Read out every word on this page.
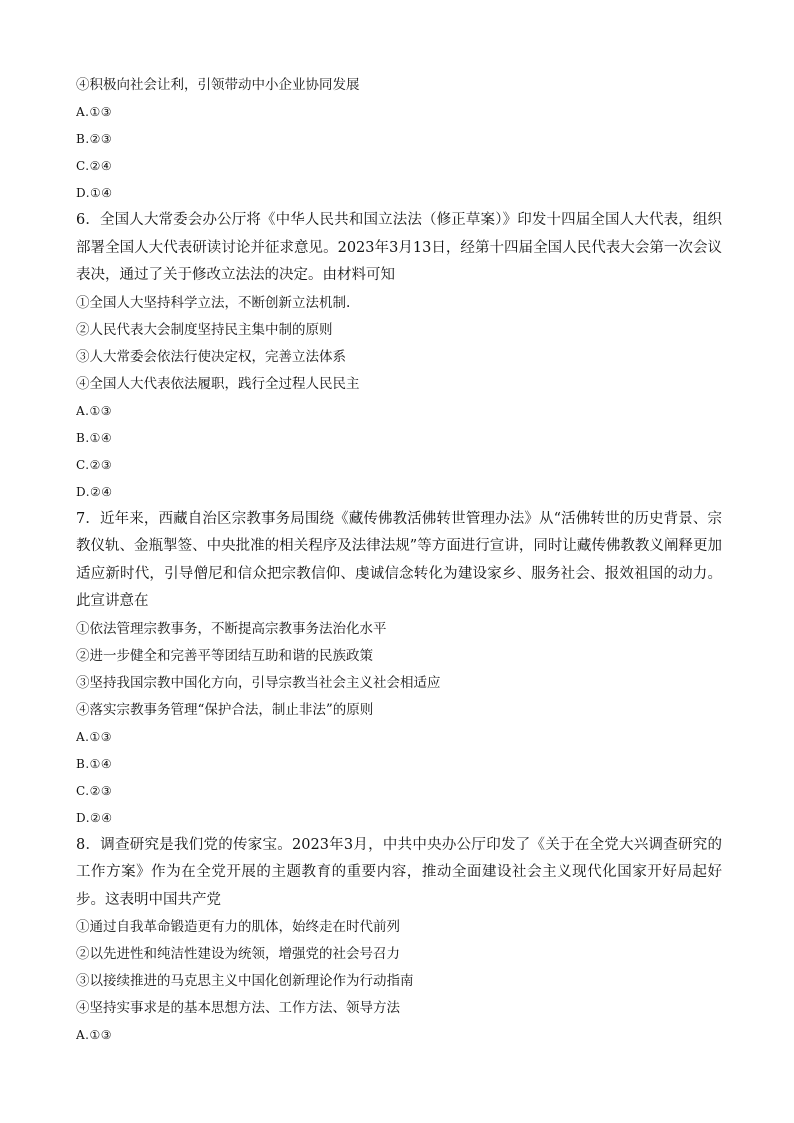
④积极向社会让利，引领带动中小企业协同发展
A.①③
B.②③
C.②④
D.①④
6．全国人大常委会办公厅将《中华人民共和国立法法（修正草案）》印发十四届全国人大代表，组织部署全国人大代表研读讨论并征求意见。2023年3月13日，经第十四届全国人民代表大会第一次会议表决，通过了关于修改立法法的决定。由材料可知
①全国人大坚持科学立法，不断创新立法机制.
②人民代表大会制度坚持民主集中制的原则
③人大常委会依法行使决定权，完善立法体系
④全国人大代表依法履职，践行全过程人民民主
A.①③
B.①④
C.②③
D.②④
7．近年来，西藏自治区宗教事务局围绕《藏传佛教活佛转世管理办法》从“活佛转世的历史背景、宗教仪轨、金瓶掣签、中央批准的相关程序及法律法规”等方面进行宣讲，同时让藏传佛教教义阐释更加适应新时代，引导僧尼和信众把宗教信仰、虔诚信念转化为建设家乡、服务社会、报效祖国的动力。此宣讲意在
①依法管理宗教事务，不断提高宗教事务法治化水平
②进一步健全和完善平等团结互助和谐的民族政策
③坚持我国宗教中国化方向，引导宗教当社会主义社会相适应
④落实宗教事务管理“保护合法，制止非法”的原则
A.①③
B.①④
C.②③
D.②④
8．调查研究是我们党的传家宝。2023年3月，中共中央办公厅印发了《关于在全党大兴调查研究的工作方案》作为在全党开展的主题教育的重要内容，推动全面建设社会主义现代化国家开好局起好步。这表明中国共产党
①通过自我革命锻造更有力的肌体，始终走在时代前列
②以先进性和纯洁性建设为统领，增强党的社会号召力
③以接续推进的马克思主义中国化创新理论作为行动指南
④坚持实事求是的基本思想方法、工作方法、领导方法
A.①③
